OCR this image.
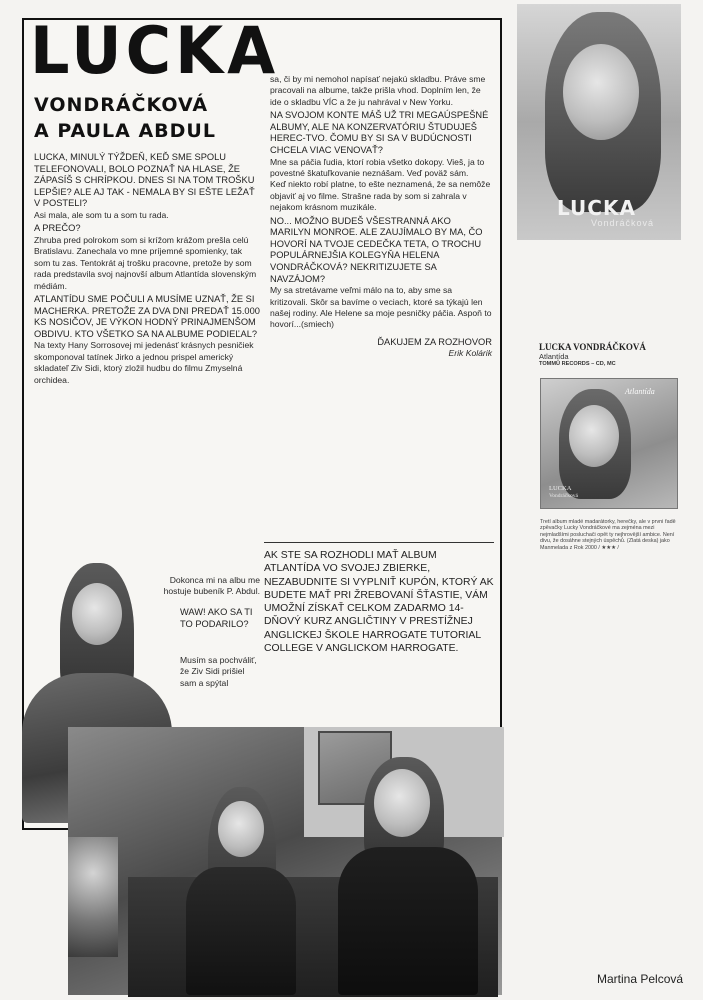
LUCKA
VONDRÁČKOVÁ
A PAULA ABDUL
LUCKA, MINULÝ TÝŽDEŇ, KEĎ SME SPOLU TELEFONOVALI, BOLO POZNAŤ NA HLASE, ŽE ZÁPASÍŠ S CHRÍPKOU. DNES SI NA TOM TROŠKU LEPŠIE? ALE AJ TAK - NEMALA BY SI EŠTE LEŽAŤ V POSTELI?
Asi mala, ale som tu a som tu rada.
A PREČO?
Zhruba pred polrokom som si krížom krážom prešla celú Bratislavu. Zanechala vo mne príjemné spomienky, tak som tu zas. Tentokrát aj trošku pracovne, pretože by som rada predstavila svoj najnovší album Atlantída slovenským médiám.
ATLANTÍDU SME POČULI A MUSÍME UZNAŤ, ŽE SI MACHERKA. PRETOŽE ZA DVA DNI PREDAŤ 15.000 KS NOSIČOV, JE VÝKON HODNÝ PRINAJMENŠOM OBDIVU. KTO VŠETKO SA NA ALBUME PODIEĽAL?
Na texty Hany Sorrosovej mi jedenásť krásnych pesničiek skomponoval tatínek Jirko a jednou prispel americký skladateľ Ziv Sidi, ktorý zložil hudbu do filmu Zmyselná orchidea.
Dokonca mi na albu me hostuje bubeník P. Abdul.
WAW! AKO SA TI TO PODARILO?
Musím sa pochváliť, že Ziv Sidi prišiel sam a spýtal
sa, či by mi nemohol napísať nejakú skladbu. Práve sme pracovali na albume, takže prišla vhod. Doplním len, že ide o skladbu VÍC a že ju nahrával v New Yorku.
NA SVOJOM KONTE MÁŠ UŽ TRI MEGAÚSPEŠNÉ ALBUMY, ALE NA KONZERVATÓRIU ŠTUDUJEŠ HEREC-TVO. ČOMU BY SI SA V BUDÚCNOSTI CHCELA VIAC VENOVAŤ?
Mne sa páčia ľudia, ktorí robia všetko dokopy. Vieš, ja to povestné škatuľkovanie neznášam. Veď poväž sám.
Keď niekto robí platne, to ešte neznamená, že sa nemôže objaviť aj vo filme. Strašne rada by som si zahrala v nejakom krásnom muzikále.
NO... MOŽNO BUDEŠ VŠESTRANNÁ AKO MARILYN MONROE. ALE ZAUJÍMALO BY MA, ČO HOVORÍ NA TVOJE CEDEČKA TETA, O TROCHU POPULÁRNEJŠIA KOLEGYŇA HELENA VONDRÁČKOVÁ? NEKRITIZUJETE SA NAVZÁJOM?
My sa stretávame veľmi málo na to, aby sme sa kritizovali. Skôr sa bavíme o veciach, ktoré sa týkajú len našej rodiny. Ale Helene sa moje pesničky páčia. Aspoň to hovorí...(smiech)
ĎAKUJEM ZA ROZHOVOR
Erik Kolárik
AK STE SA ROZHODLI MAŤ ALBUM ATLANTÍDA VO SVOJEJ ZBIERKE, NEZABUDNITE SI VYPLNIŤ KUPÓN, KTORÝ AK BUDETE MAŤ PRI ŽREBOVANÍ ŠŤASTIE, VÁM UMOŽNÍ ZÍSKAŤ CELKOM ZADARMO 14-DŇOVÝ KURZ ANGLIČTINY V PRESTÍŽNEJ ANGLICKEJ ŠKOLE HARROGATE TUTORIAL COLLEGE V ANGLICKOM HARROGATE.
LUCKA
Vondráčková
LUCKA VONDRÁČKOVÁ
Atlantída
TOMMŮ RECORDS – CD, MC
Atlantída
LUCKA
Vondráčková
Tretí album mladé madarátorky, herečky, ale v prvni řadě zpěvačky Lucky Vondráčkové ma zejména mezi nejmladšími posluchači opět ty nejhrovější ambice. Není divu, že dosáhne stejných úspěchů. (Zlatá deska) jako Manmelada z Rok 2000 / ★★★ /
Martina Pelcová
